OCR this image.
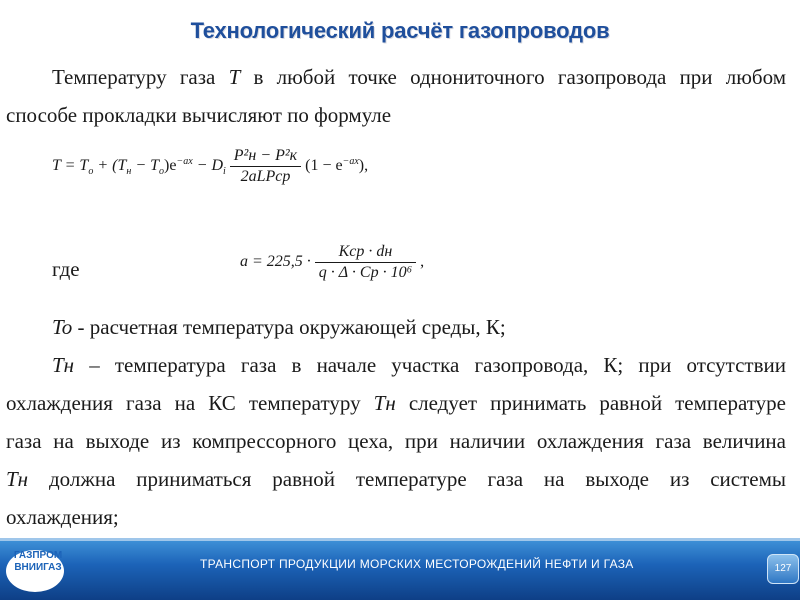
Технологический расчёт газопроводов
Температуру газа T в любой точке однониточного газопровода при любом
способе прокладки вычисляют по формуле
$T = T_o + (T_н - T_o)e^{-ax} - D_i \frac{\text{P²н − P²к}}{\text{2aLPср}} (1 - e^{-ax})$,
где	$a = 225,5 \cdot \frac{\text{Kср · dн}}{\text{q · Δ · Cp · 10⁶}}$ ,
To - расчетная температура окружающей среды, К;
Tн – температура газа в начале участка газопровода, К; при отсутствии
охлаждения газа на КС температуру Tн следует принимать равной температуре
газа на выходе из компрессорного цеха, при наличии охлаждения газа величина
Tн должна приниматься равной температуре газа на выходе из системы
охлаждения;
ГАЗПРОМ
ВНИИГАЗ	ТРАНСПОРТ ПРОДУКЦИИ МОРСКИХ МЕСТОРОЖДЕНИЙ НЕФТИ И ГАЗА	127
